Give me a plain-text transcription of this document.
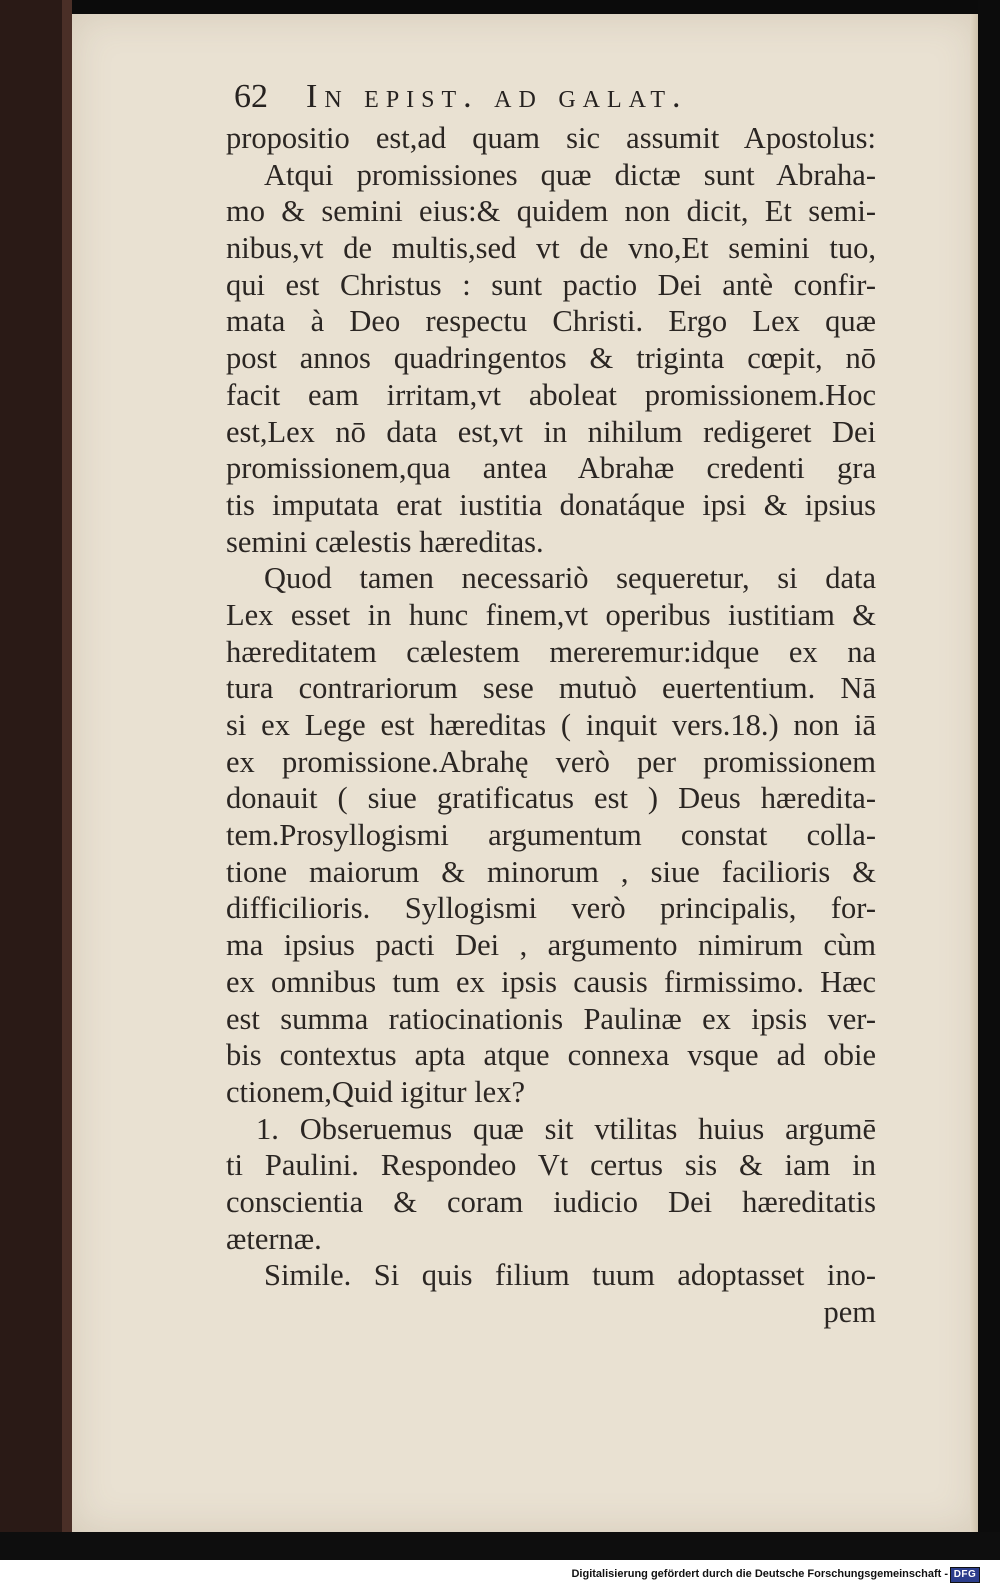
62 In epist. ad galat.
propositio est,ad quam sic assumit Apostolus:
Atqui promissiones quæ dictæ sunt Abraha-
mo & semini eius:& quidem non dicit, Et semi-
nibus,vt de multis,sed vt de vno,Et semini tuo,
qui est Christus : sunt pactio Dei antè confir-
mata à Deo respectu Christi. Ergo Lex quæ
post annos quadringentos & triginta cœpit, nō
facit eam irritam,vt aboleat promissionem.Hoc
est,Lex nō data est,vt in nihilum redigeret Dei
promissionem,qua antea Abrahæ credenti gra
tis imputata erat iustitia donatáque ipsi & ipsius
semini cælestis hæreditas.
Quod tamen necessariò sequeretur, si data
Lex esset in hunc finem,vt operibus iustitiam &
hæreditatem cælestem mereremur:idque ex na
tura contrariorum sese mutuò euertentium. Nā
si ex Lege est hæreditas ( inquit vers.18.) non iā
ex promissione.Abrahę verò per promissionem
donauit ( siue gratificatus est ) Deus hæredita-
tem.Prosyllogismi argumentum constat colla-
tione maiorum & minorum , siue facilioris &
difficilioris. Syllogismi verò principalis, for-
ma ipsius pacti Dei , argumento nimirum cùm
ex omnibus tum ex ipsis causis firmissimo. Hæc
est summa ratiocinationis Paulinæ ex ipsis ver-
bis contextus apta atque connexa vsque ad obie
ctionem,Quid igitur lex?
1. Obseruemus quæ sit vtilitas huius argumē
ti Paulini. Respondeo Vt certus sis & iam in
conscientia & coram iudicio Dei hæreditatis
æternæ.
Simile. Si quis filium tuum adoptasset ino-
pem
Digitalisierung gefördert durch die Deutsche Forschungsgemeinschaft - DFG
